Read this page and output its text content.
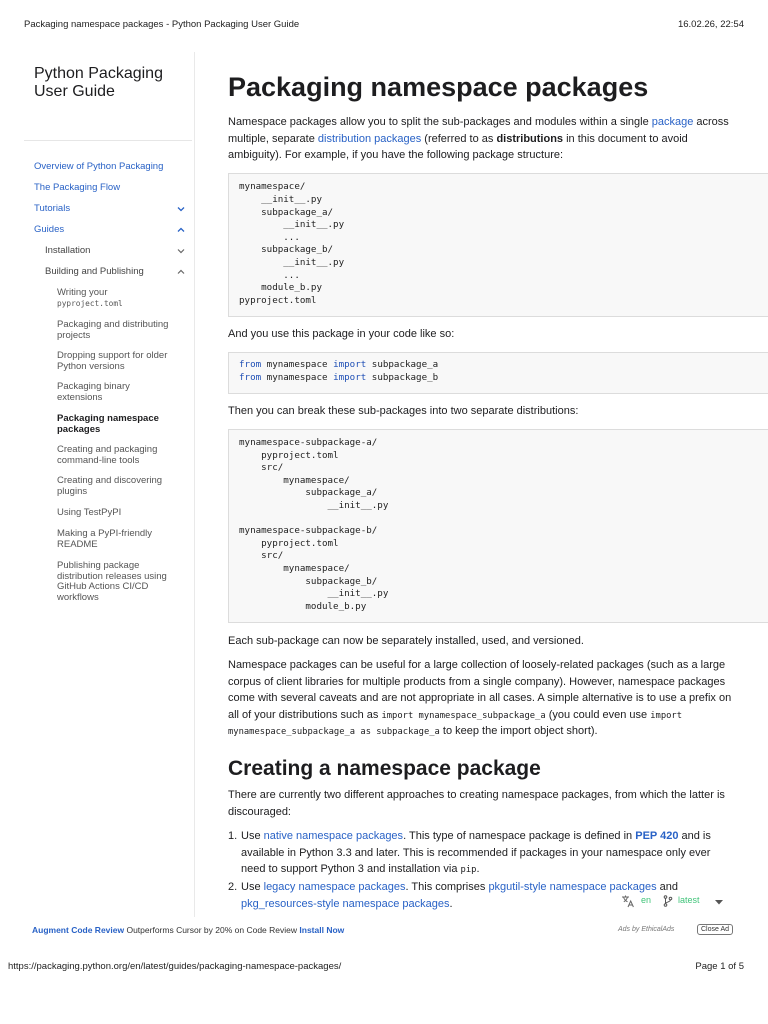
Packaging namespace packages - Python Packaging User Guide	16.02.26, 22:54
Python Packaging
User Guide
Overview of Python Packaging
The Packaging Flow
Tutorials
Guides
Installation
Building and Publishing
Writing your
pyproject.toml
Packaging and distributing
projects
Dropping support for older
Python versions
Packaging binary
extensions
Packaging namespace
packages
Creating and packaging
command-line tools
Creating and discovering
plugins
Using TestPyPI
Making a PyPI-friendly
README
Publishing package
distribution releases using
GitHub Actions CI/CD
workflows
Packaging namespace packages
Namespace packages allow you to split the sub-packages and modules within a single package across
multiple, separate distribution packages (referred to as distributions in this document to avoid
ambiguity). For example, if you have the following package structure:
mynamespace/
__init__.py
subpackage_a/
__init__.py
...
subpackage_b/
__init__.py
...
module_b.py
pyproject.toml
And you use this package in your code like so:
from mynamespace import subpackage_a
from mynamespace import subpackage_b
Then you can break these sub-packages into two separate distributions:
mynamespace-subpackage-a/
pyproject.toml
src/
mynamespace/
subpackage_a/
__init__.py
mynamespace-subpackage-b/
pyproject.toml
src/
mynamespace/
subpackage_b/
__init__.py
module_b.py
Each sub-package can now be separately installed, used, and versioned.
Namespace packages can be useful for a large collection of loosely-related packages (such as a large
corpus of client libraries for multiple products from a single company). However, namespace packages
come with several caveats and are not appropriate in all cases. A simple alternative is to use a prefix on
all of your distributions such as import mynamespace_subpackage_a (you could even use import
mynamespace_subpackage_a as subpackage_a to keep the import object short).
Creating a namespace package
There are currently two different approaches to creating namespace packages, from which the latter is
discouraged:
1. Use native namespace packages. This type of namespace package is defined in PEP 420 and is
available in Python 3.3 and later. This is recommended if packages in your namespace only ever
need to support Python 3 and installation via pip.
2. Use legacy namespace packages. This comprises pkgutil-style namespace packages and
pkg_resources-style namespace packages.	en	latest
Augment Code Review Outperforms Cursor by 20% on Code Review Install Now	Ads by EthicalAds	Close Ad
https://packaging.python.org/en/latest/guides/packaging-namespace-packages/	Page 1 of 5
